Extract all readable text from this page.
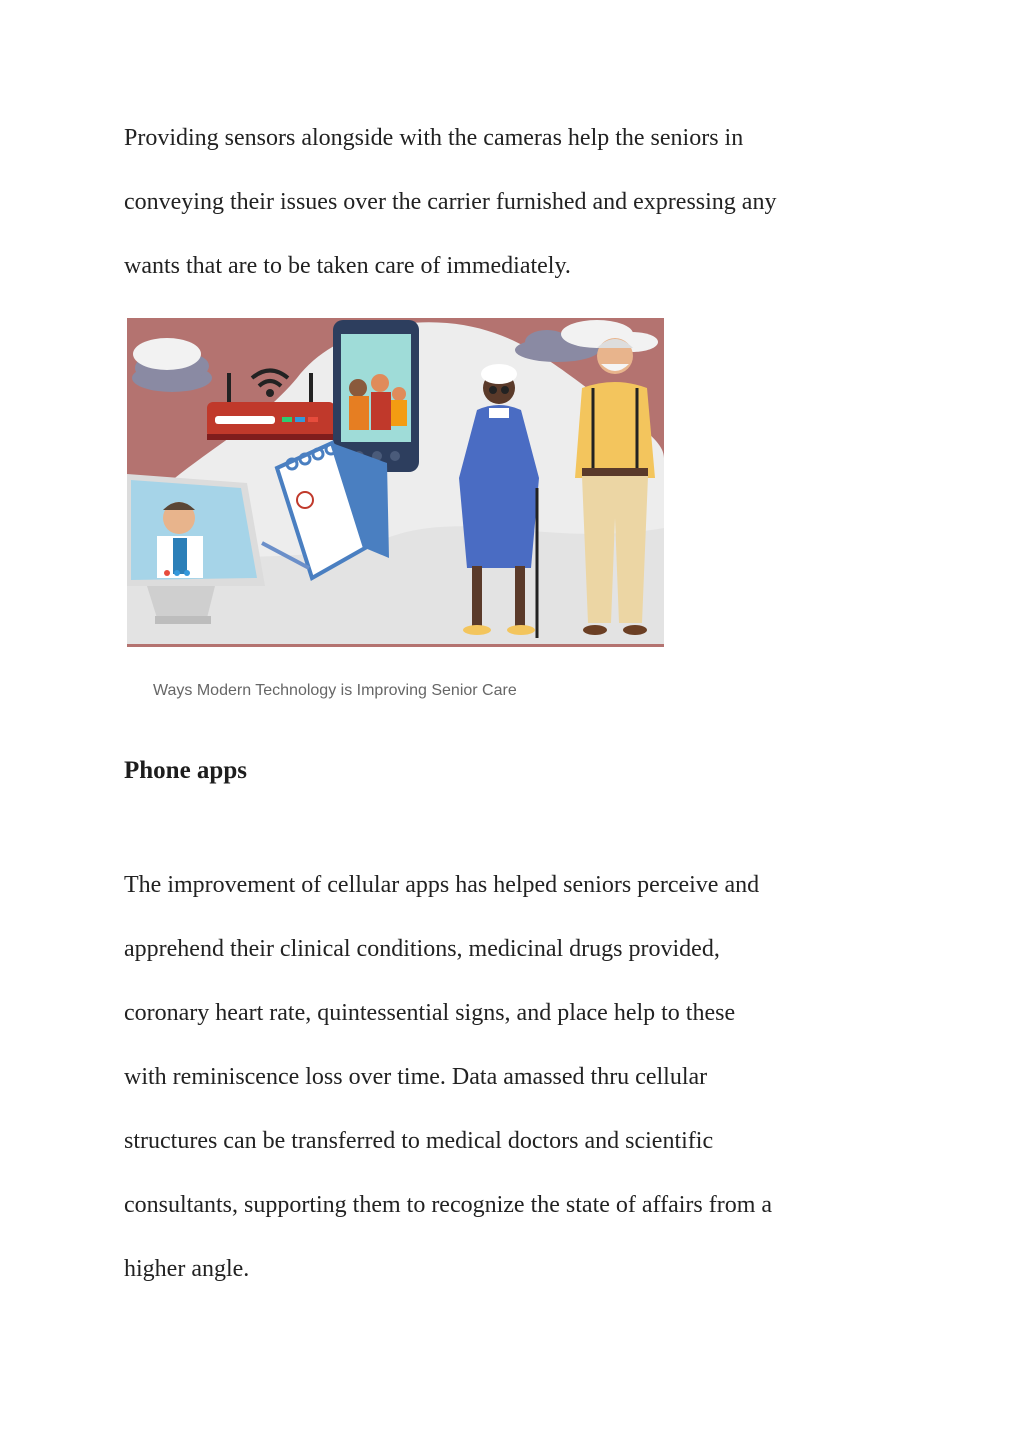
Providing sensors alongside with the cameras help the seniors in
conveying their issues over the carrier furnished and expressing any
wants that are to be taken care of immediately.
Ways Modern Technology is Improving Senior Care
Phone apps
The improvement of cellular apps has helped seniors perceive and
apprehend their clinical conditions, medicinal drugs provided,
coronary heart rate, quintessential signs, and place help to these
with reminiscence loss over time. Data amassed thru cellular
structures can be transferred to medical doctors and scientific
consultants, supporting them to recognize the state of affairs from a
higher angle.
